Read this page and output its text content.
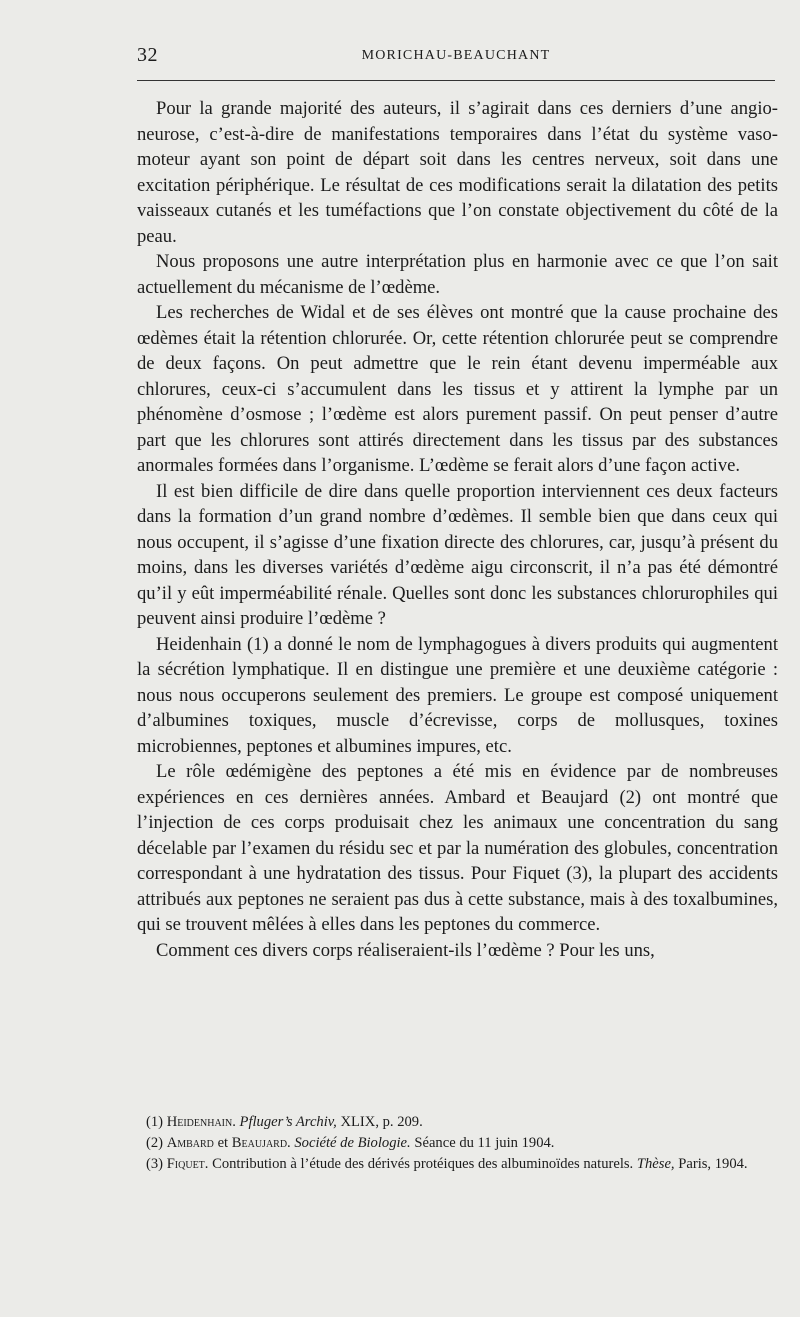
32	MORICHAU-BEAUCHANT

Pour la grande majorité des auteurs, il s’agirait dans ces derniers d’une angio-neurose, c’est-à-dire de manifestations temporaires dans l’état du système vaso-moteur ayant son point de départ soit dans les centres nerveux, soit dans une excitation périphérique. Le résultat de ces modifications serait la dilatation des petits vaisseaux cutanés et les tuméfactions que l’on constate objectivement du côté de la peau.

Nous proposons une autre interprétation plus en harmonie avec ce que l’on sait actuellement du mécanisme de l’œdème.

Les recherches de Widal et de ses élèves ont montré que la cause prochaine des œdèmes était la rétention chlorurée. Or, cette rétention chlorurée peut se comprendre de deux façons. On peut admettre que le rein étant devenu imperméable aux chlorures, ceux-ci s’accumulent dans les tissus et y attirent la lymphe par un phénomène d’osmose ; l’œdème est alors purement passif. On peut penser d’autre part que les chlorures sont attirés directement dans les tissus par des substances anormales formées dans l’organisme. L’œdème se ferait alors d’une façon active.

Il est bien difficile de dire dans quelle proportion interviennent ces deux facteurs dans la formation d’un grand nombre d’œdèmes. Il semble bien que dans ceux qui nous occupent, il s’agisse d’une fixation directe des chlorures, car, jusqu’à présent du moins, dans les diverses variétés d’œdème aigu circonscrit, il n’a pas été démontré qu’il y eût imperméabilité rénale. Quelles sont donc les substances chlorurophiles qui peuvent ainsi produire l’œdème ?

Heidenhain (1) a donné le nom de lymphagogues à divers produits qui augmentent la sécrétion lymphatique. Il en distingue une première et une deuxième catégorie : nous nous occuperons seulement des premiers. Le groupe est composé uniquement d’albumines toxiques, muscle d’écrevisse, corps de mollusques, toxines microbiennes, peptones et albumines impures, etc.

Le rôle œdémigène des peptones a été mis en évidence par de nombreuses expériences en ces dernières années. Ambard et Beaujard (2) ont montré que l’injection de ces corps produisait chez les animaux une concentration du sang décelable par l’examen du résidu sec et par la numération des globules, concentration correspondant à une hydratation des tissus. Pour Fiquet (3), la plupart des accidents attribués aux peptones ne seraient pas dus à cette substance, mais à des toxalbumines, qui se trouvent mêlées à elles dans les peptones du commerce.

Comment ces divers corps réaliseraient-ils l’œdème ? Pour les uns,

(1) Heidenhain. Pfluger’s Archiv, XLIX, p. 209.

(2) Ambard et Beaujard. Société de Biologie. Séance du 11 juin 1904.

(3) Fiquet. Contribution à l’étude des dérivés protéiques des albuminoïdes naturels. Thèse, Paris, 1904.
